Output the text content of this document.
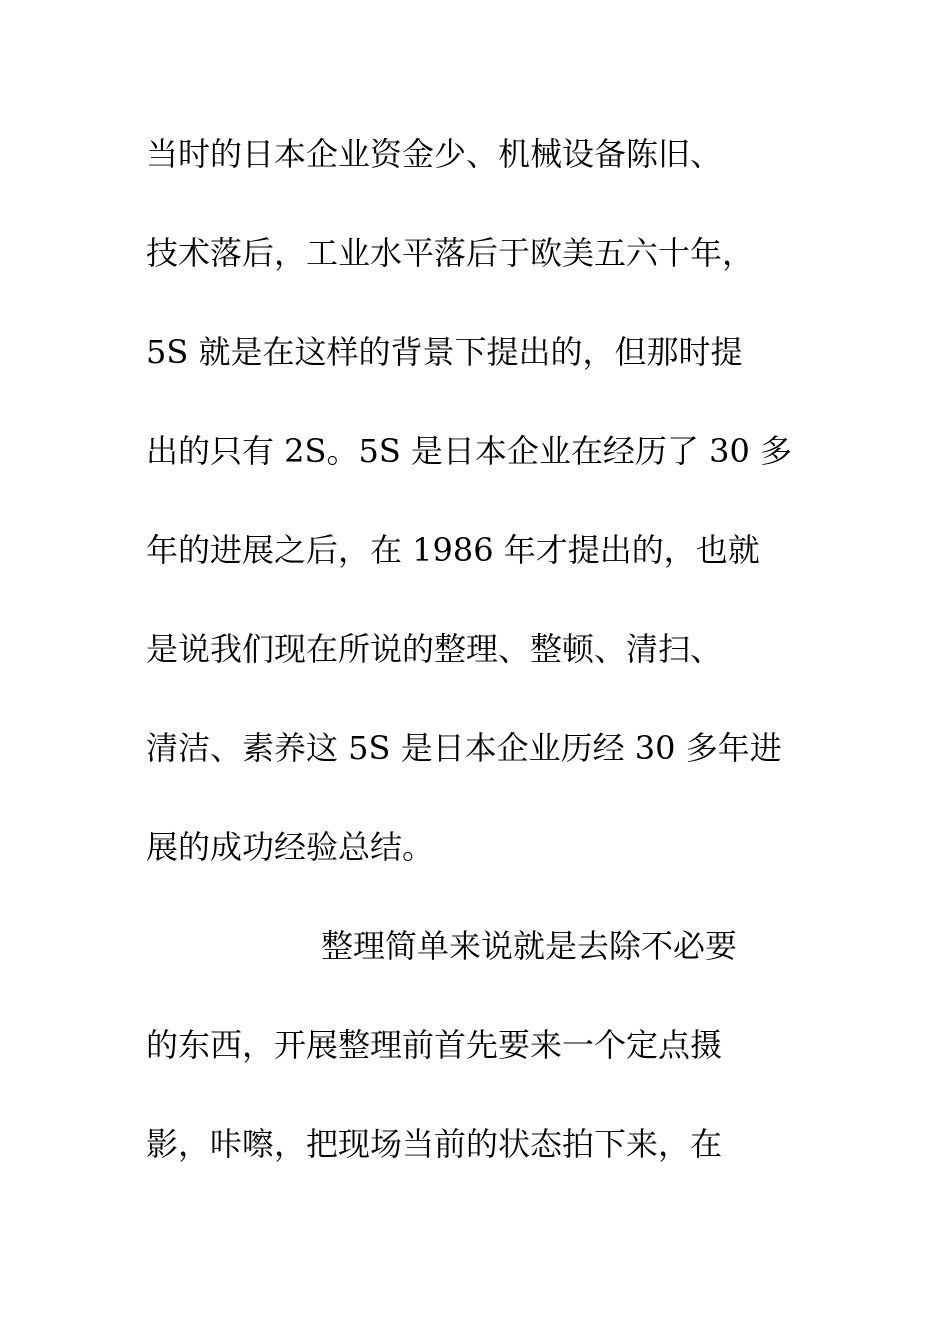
当时的日本企业资金少、机械设备陈旧、
技术落后，工业水平落后于欧美五六十年，
5S 就是在这样的背景下提出的，但那时提
出的只有 2S。5S 是日本企业在经历了 30 多
年的进展之后，在 1986 年才提出的，也就
是说我们现在所说的整理、整顿、清扫、
清洁、素养这 5S 是日本企业历经 30 多年进
展的成功经验总结。
整理简单来说就是去除不必要
的东西，开展整理前首先要来一个定点摄
影，咔嚓，把现场当前的状态拍下来，在
